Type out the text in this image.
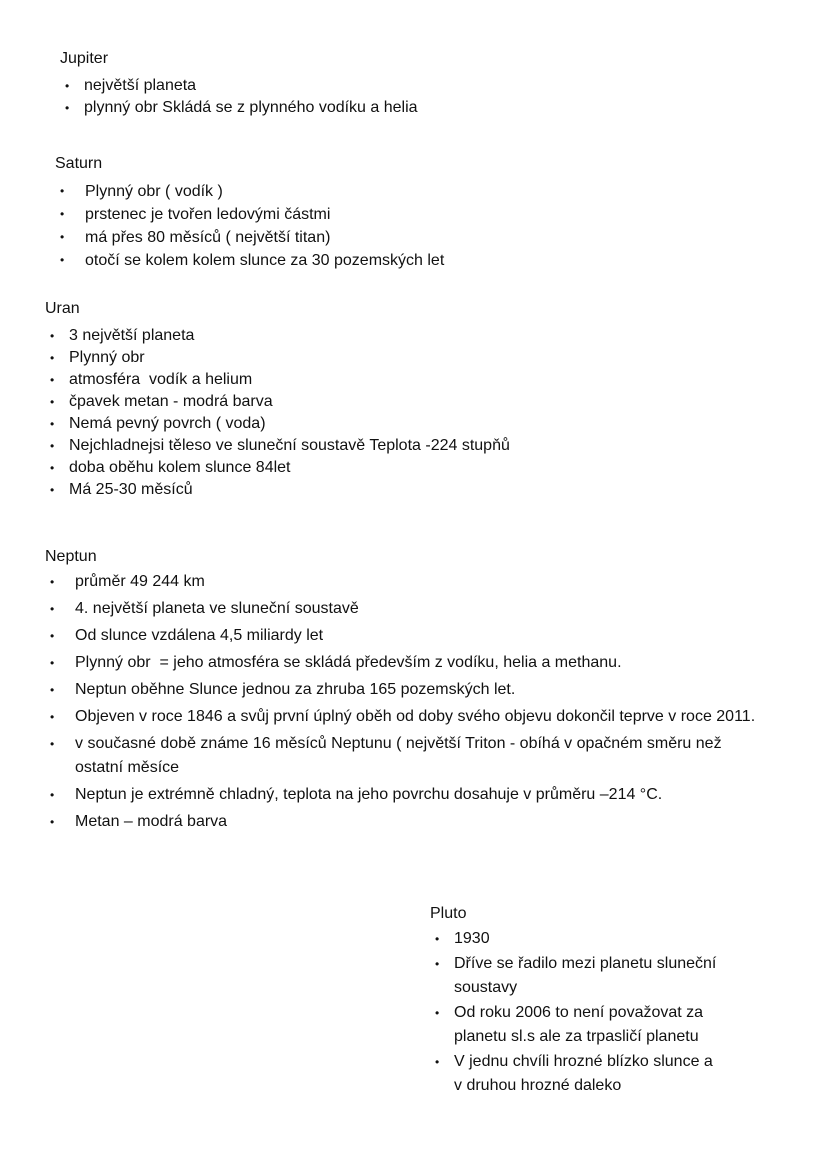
Jupiter
• největší planeta
• plynný obr Skládá se z plynného vodíku a helia
Saturn
•	Plynný obr ( vodík )
•	prstenec je tvořen ledovými částmi
•	má přes 80 měsíců ( největší titan)
•	otočí se kolem kolem slunce za 30 pozemských let
Uran
• 3 největší planeta
• Plynný obr
• atmosféra  vodík a helium
• čpavek metan - modrá barva
• Nemá pevný povrch ( voda)
• Nejchladnejsi těleso ve sluneční soustavě Teplota -224 stupňů
• doba oběhu kolem slunce 84let
• Má 25-30 měsíců
Neptun
•	průměr 49 244 km
•	4. největší planeta ve sluneční soustavě
•	Od slunce vzdálena 4,5 miliardy let
•	Plynný obr  = jeho atmosféra se skládá především z vodíku, helia a methanu.
•	Neptun oběhne Slunce jednou za zhruba 165 pozemských let.
•	Objeven v roce 1846 a svůj první úplný oběh od doby svého objevu dokončil teprve v roce 2011.
•	v současné době známe 16 měsíců Neptunu ( největší Triton - obíhá v opačném směru než ostatní měsíce
•	Neptun je extrémně chladný, teplota na jeho povrchu dosahuje v průměru –214 °C.
•	Metan – modrá barva
Pluto
• 1930
• Dříve se řadilo mezi planetu sluneční soustavy
• Od roku 2006 to není považovat za planetu sl.s ale za trpasličí planetu
• V jednu chvíli hrozné blízko slunce a v druhou hrozné daleko
